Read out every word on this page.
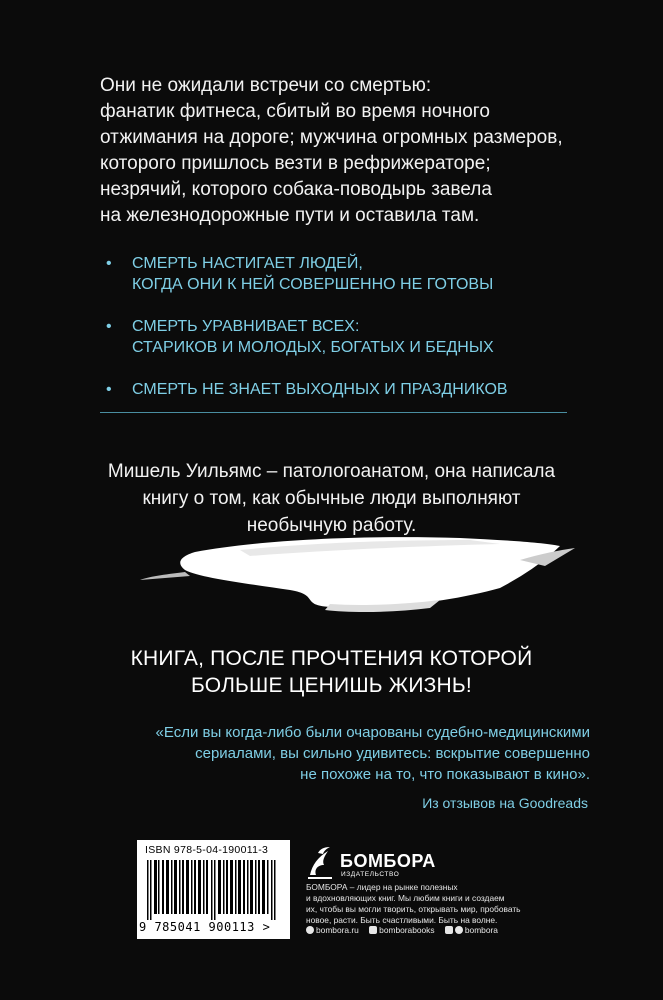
Они не ожидали встречи со смертью:
фанатик фитнеса, сбитый во время ночного
отжимания на дороге; мужчина огромных размеров,
которого пришлось везти в рефрижераторе;
незрячий, которого собака-поводырь завела
на железнодорожные пути и оставила там.
• СМЕРТЬ НАСТИГАЕТ ЛЮДЕЙ,
КОГДА ОНИ К НЕЙ СОВЕРШЕННО НЕ ГОТОВЫ
• СМЕРТЬ УРАВНИВАЕТ ВСЕХ:
СТАРИКОВ И МОЛОДЫХ, БОГАТЫХ И БЕДНЫХ
• СМЕРТЬ НЕ ЗНАЕТ ВЫХОДНЫХ И ПРАЗДНИКОВ
Мишель Уильямс – патологоанатом, она написала
книгу о том, как обычные люди выполняют
необычную работу.
КНИГА, ПОСЛЕ ПРОЧТЕНИЯ КОТОРОЙ
БОЛЬШЕ ЦЕНИШЬ ЖИЗНЬ!
«Если вы когда-либо были очарованы судебно-медицинскими
сериалами, вы сильно удивитесь: вскрытие совершенно
не похоже на то, что показывают в кино».
Из отзывов на Goodreads
ISBN 978-5-04-190011-3
9 785041 900113 >
БОМБОРА
ИЗДАТЕЛЬСТВО
БОМБОРА – лидер на рынке полезных
и вдохновляющих книг. Мы любим книги и создаем
их, чтобы вы могли творить, открывать мир, пробовать
новое, расти. Быть счастливыми. Быть на волне.
bombora.ru bomborabooks	bombora
